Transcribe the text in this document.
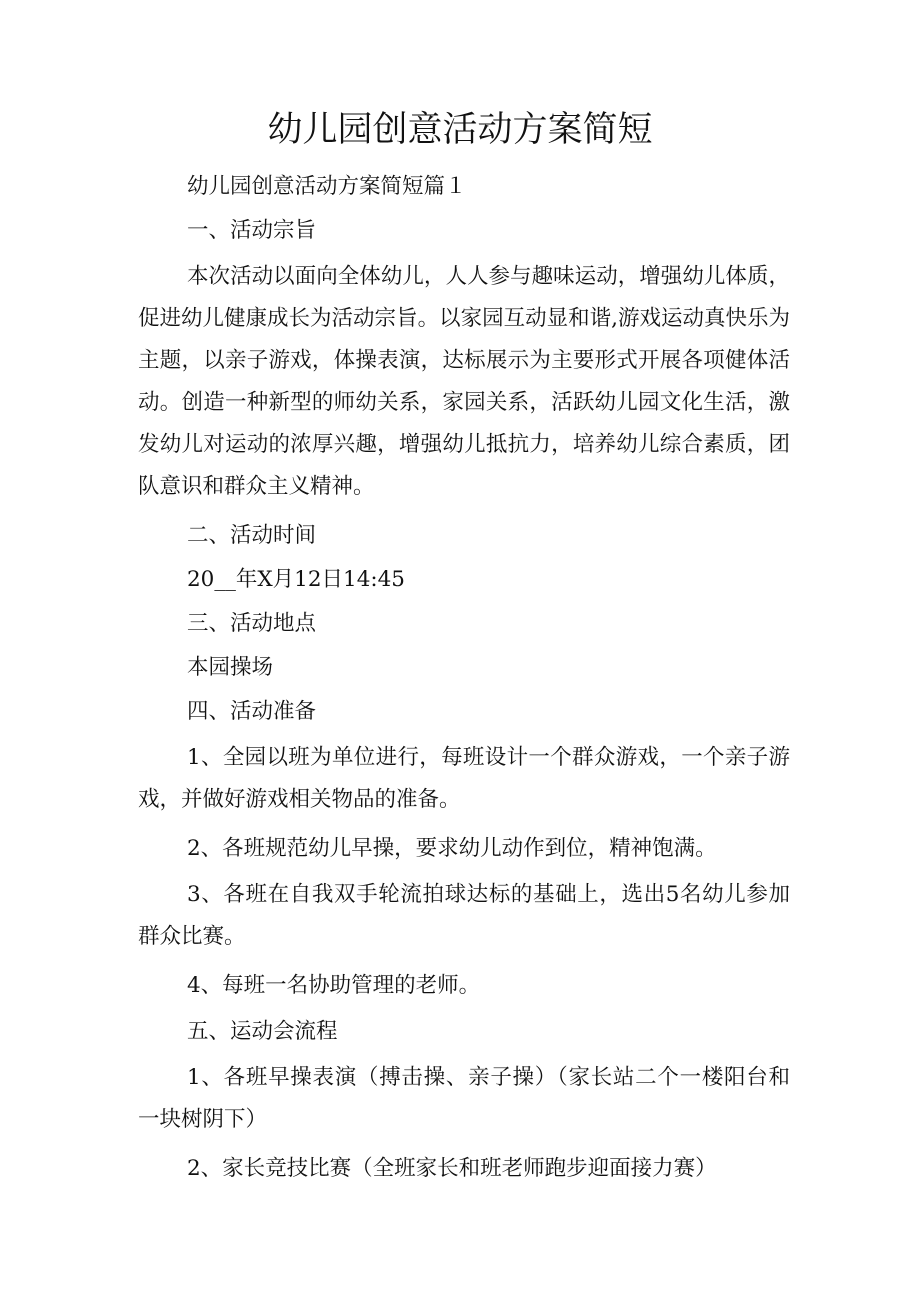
幼儿园创意活动方案简短

幼儿园创意活动方案简短篇１

一、活动宗旨

本次活动以面向全体幼儿，人人参与趣味运动，增强幼儿体质，促进幼儿健康成长为活动宗旨。以家园互动显和谐,游戏运动真快乐为主题，以亲子游戏，体操表演，达标展示为主要形式开展各项健体活动。创造一种新型的师幼关系，家园关系，活跃幼儿园文化生活，激发幼儿对运动的浓厚兴趣，增强幼儿抵抗力，培养幼儿综合素质，团队意识和群众主义精神。

二、活动时间

20__年X月12日14:45

三、活动地点

本园操场

四、活动准备

1、全园以班为单位进行，每班设计一个群众游戏，一个亲子游戏，并做好游戏相关物品的准备。

2、各班规范幼儿早操，要求幼儿动作到位，精神饱满。

3、各班在自我双手轮流拍球达标的基础上，选出5名幼儿参加群众比赛。

4、每班一名协助管理的老师。

五、运动会流程

1、各班早操表演（搏击操、亲子操）（家长站二个一楼阳台和一块树阴下）

2、家长竞技比赛（全班家长和班老师跑步迎面接力赛）
